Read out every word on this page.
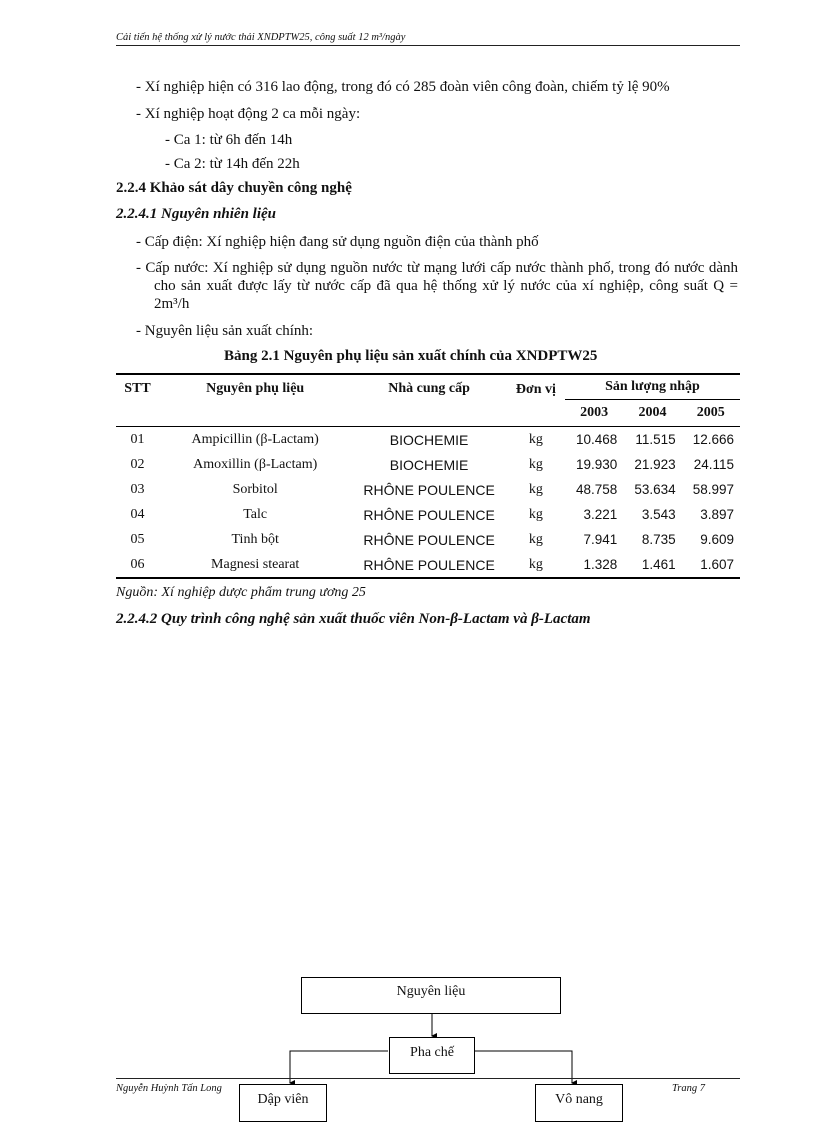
Cải tiến hệ thống xử lý nước thải XNDPTW25, công suất 12 m³/ngày
- Xí nghiệp hiện có 316 lao động, trong đó có 285 đoàn viên công đoàn, chiếm tỷ lệ 90%
- Xí nghiệp hoạt động 2 ca mỗi ngày:
- Ca 1: từ 6h đến 14h
- Ca 2: từ 14h đến 22h
2.2.4 Khảo sát dây chuyền công nghệ
2.2.4.1 Nguyên nhiên liệu
- Cấp điện: Xí nghiệp hiện đang sử dụng nguồn điện của thành phố
- Cấp nước: Xí nghiệp sử dụng nguồn nước từ mạng lưới cấp nước thành phố, trong đó nước dành cho sản xuất được lấy từ nước cấp đã qua hệ thống xử lý nước của xí nghiệp, công suất Q = 2m³/h
- Nguyên liệu sản xuất chính:
Bảng 2.1 Nguyên phụ liệu sản xuất chính của XNDPTW25
STT	Nguyên phụ liệu	Nhà cung cấp	Đơn vị	Sản lượng nhập		
				2003	2004	2005
01	Ampicillin (β-Lactam)	BIOCHEMIE	kg	10.468	11.515	12.666
02	Amoxillin (β-Lactam)	BIOCHEMIE	kg	19.930	21.923	24.115
03	Sorbitol	RHÔNE POULENCE	kg	48.758	53.634	58.997
04	Talc	RHÔNE POULENCE	kg	3.221	3.543	3.897
05	Tinh bột	RHÔNE POULENCE	kg	7.941	8.735	9.609
06	Magnesi stearat	RHÔNE POULENCE	kg	1.328	1.461	1.607
Nguồn: Xí nghiệp dược phẩm trung ương 25
2.2.4.2 Quy trình công nghệ sản xuất thuốc viên Non-β-Lactam và β-Lactam
Nguyễn Huỳnh Tấn Long	Trang 7
Nguyên liệu
Pha chế
Dập viên	Vô nang
